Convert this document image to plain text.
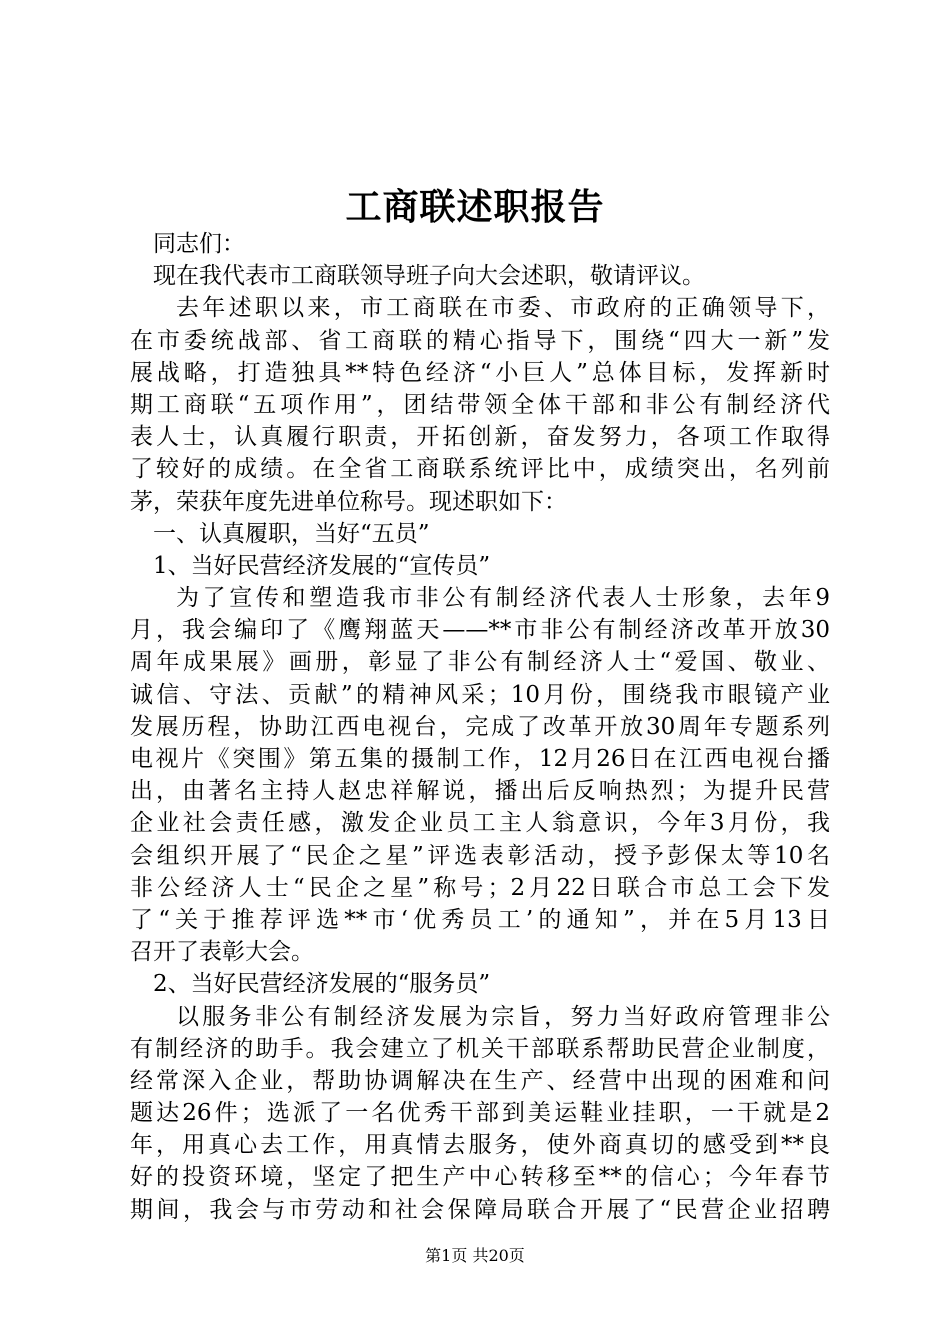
工商联述职报告
同志们：
现在我代表市工商联领导班子向大会述职，敬请评议。
去年述职以来，市工商联在市委、市政府的正确领导下，
在市委统战部、省工商联的精心指导下，围绕“四大一新”发
展战略，打造独具**特色经济“小巨人”总体目标，发挥新时
期工商联“五项作用”，团结带领全体干部和非公有制经济代
表人士，认真履行职责，开拓创新，奋发努力，各项工作取得
了较好的成绩。在全省工商联系统评比中，成绩突出，名列前
茅，荣获年度先进单位称号。现述职如下：
一、认真履职，当好“五员”
1、当好民营经济发展的“宣传员”
为了宣传和塑造我市非公有制经济代表人士形象，去年9
月，我会编印了《鹰翔蓝天——**市非公有制经济改革开放30
周年成果展》画册，彰显了非公有制经济人士“爱国、敬业、
诚信、守法、贡献”的精神风采；10月份，围绕我市眼镜产业
发展历程，协助江西电视台，完成了改革开放30周年专题系列
电视片《突围》第五集的摄制工作，12月26日在江西电视台播
出，由著名主持人赵忠祥解说，播出后反响热烈；为提升民营
企业社会责任感，激发企业员工主人翁意识，今年3月份，我
会组织开展了“民企之星”评选表彰活动，授予彭保太等10名
非公经济人士“民企之星”称号；2月22日联合市总工会下发
了“关于推荐评选**市‘优秀员工’的通知”，并在5月13日
召开了表彰大会。
2、当好民营经济发展的“服务员”
以服务非公有制经济发展为宗旨，努力当好政府管理非公
有制经济的助手。我会建立了机关干部联系帮助民营企业制度，
经常深入企业，帮助协调解决在生产、经营中出现的困难和问
题达26件；选派了一名优秀干部到美运鞋业挂职，一干就是2
年，用真心去工作，用真情去服务，使外商真切的感受到**良
好的投资环境，坚定了把生产中心转移至**的信心；今年春节
期间，我会与市劳动和社会保障局联合开展了“民营企业招聘
第1页 共20页
